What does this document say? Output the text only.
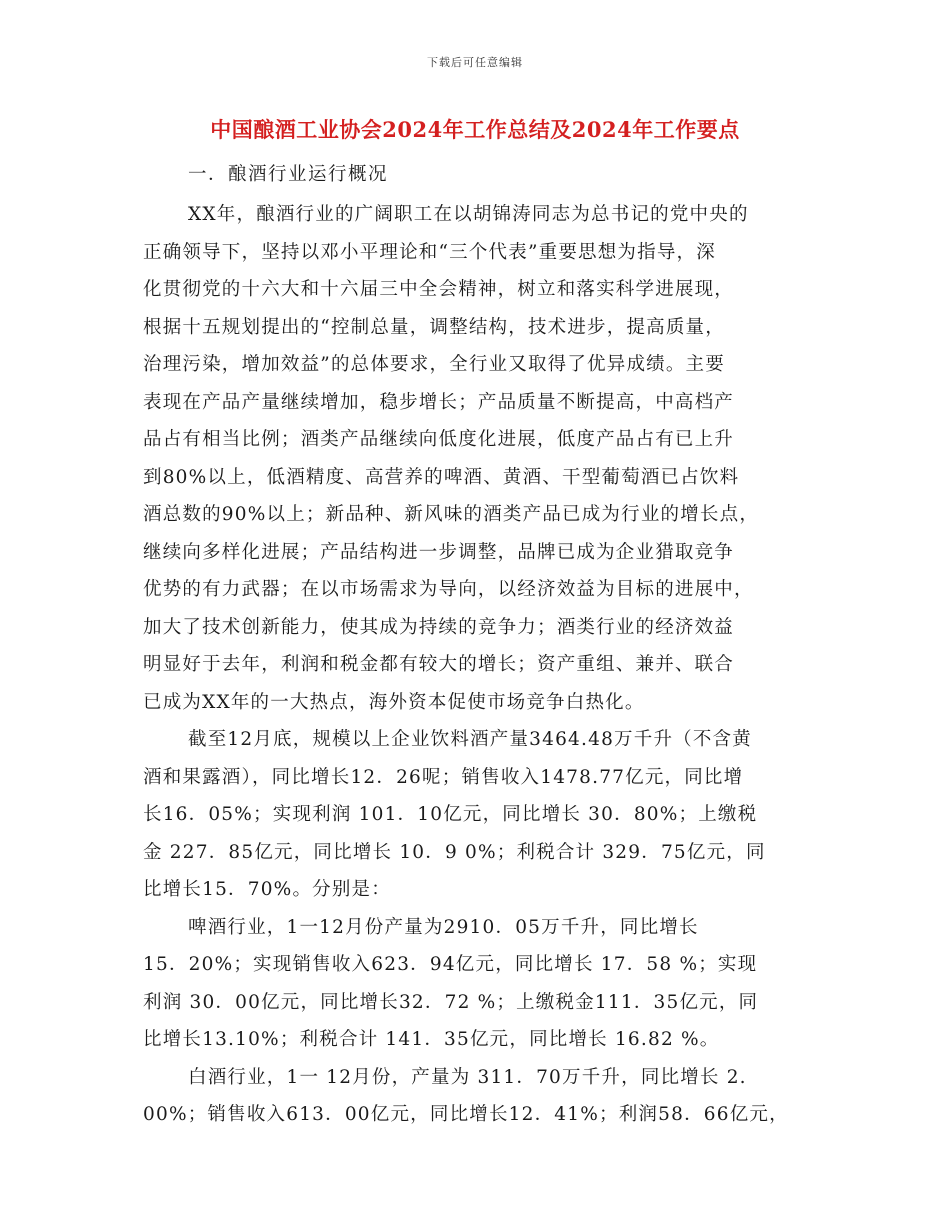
下载后可任意编辑
中国酿酒工业协会2024年工作总结及2024年工作要点
一．酿酒行业运行概况
XX年，酿酒行业的广阔职工在以胡锦涛同志为总书记的党中央的
正确领导下，坚持以邓小平理论和“三个代表”重要思想为指导，深
化贯彻党的十六大和十六届三中全会精神，树立和落实科学进展现，
根据十五规划提出的“控制总量，调整结构，技术进步，提高质量，
治理污染，增加效益”的总体要求，全行业又取得了优异成绩。主要
表现在产品产量继续增加，稳步增长；产品质量不断提高，中高档产
品占有相当比例；酒类产品继续向低度化进展，低度产品占有已上升
到80%以上，低酒精度、高营养的啤酒、黄酒、干型葡萄酒已占饮料
酒总数的90%以上；新品种、新风味的酒类产品已成为行业的增长点，
继续向多样化进展；产品结构进一步调整，品牌已成为企业猎取竞争
优势的有力武器；在以市场需求为导向，以经济效益为目标的进展中，
加大了技术创新能力，使其成为持续的竞争力；酒类行业的经济效益
明显好于去年，利润和税金都有较大的增长；资产重组、兼并、联合
已成为XX年的一大热点，海外资本促使市场竞争白热化。
截至12月底，规模以上企业饮料酒产量3464.48万千升（不含黄
酒和果露酒），同比增长12．26呢；销售收入1478.77亿元，同比增
长16．05%；实现利润 101．10亿元，同比增长 30．80%；上缴税
金 227．85亿元，同比增长 10．9 0%；利税合计 329．75亿元，同
比增长15．70%。分别是：
啤酒行业，1一12月份产量为2910．05万千升，同比增长
15．20%；实现销售收入623．94亿元，同比增长 17．58 %；实现
利润 30．00亿元，同比增长32．72 %；上缴税金111．35亿元，同
比增长13.10%；利税合计 141．35亿元，同比增长 16.82 %。
白酒行业，1一 12月份，产量为 311．70万千升，同比增长 2.
00%；销售收入613．00亿元，同比增长12．41%；利润58．66亿元，
